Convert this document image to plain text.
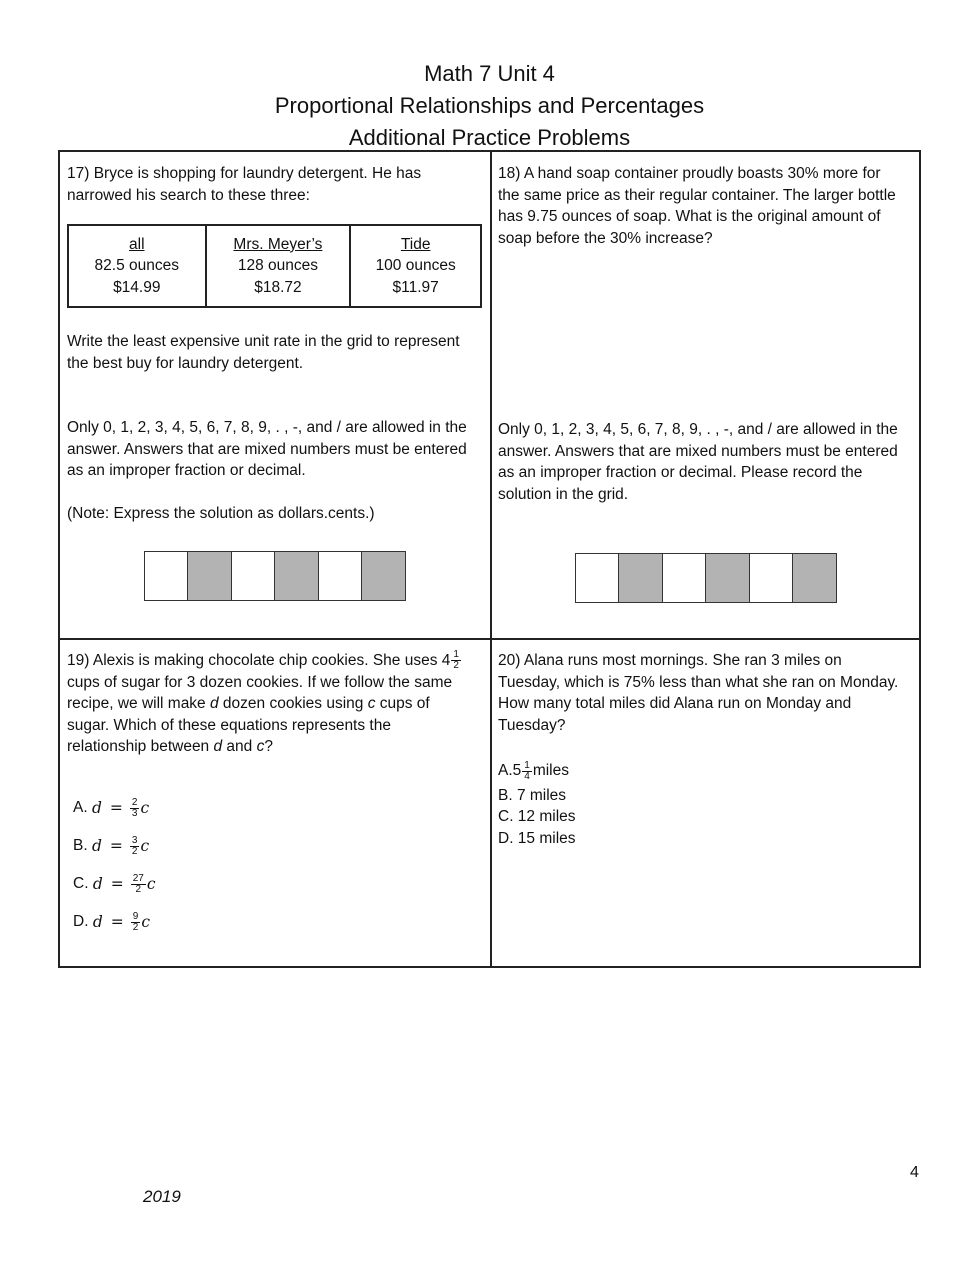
Math 7 Unit 4
Proportional Relationships and Percentages
Additional Practice Problems

17) Bryce is shopping for laundry detergent. He has

narrowed his search to these three:

all
82.5 ounces
$14.99

Mrs. Meyer’s
128 ounces
$18.72

Tide
100 ounces
$11.97

Write the least expensive unit rate in the grid to represent

the best buy for laundry detergent.

Only 0, 1, 2, 3, 4, 5, 6, 7, 8, 9, . , -, and / are allowed in the

answer. Answers that are mixed numbers must be entered

as an improper fraction or decimal.

(Note: Express the solution as dollars.cents.)

18) A hand soap container proudly boasts 30% more for

the same price as their regular container. The larger bottle

has 9.75 ounces of soap. What is the original amount of

soap before the 30% increase?

Only 0, 1, 2, 3, 4, 5, 6, 7, 8, 9, . , -, and / are allowed in the

answer. Answers that are mixed numbers must be entered

as an improper fraction or decimal. Please record the

solution in the grid.

19) Alexis is making chocolate chip cookies. She uses $4 \frac{1}{2}$

cups of sugar for 3 dozen cookies. If we follow the same

recipe, we will make d dozen cookies using c cups of

sugar. Which of these equations represents the

relationship between d and c?

A.
$d = \frac{2}{3}$ c
B.
$d = \frac{3}{2}$ c
C.
$d = \frac{27}{2}$ c
D.
$d = \frac{9}{2}$ c

20) Alana runs most mornings. She ran 3 miles on

Tuesday, which is 75% less than what she ran on Monday.

How many total miles did Alana run on Monday and

Tuesday?

$A.5 \frac{1}{4}$ miles

B. 7 miles

C. 12 miles

D. 15 miles

4
2019
